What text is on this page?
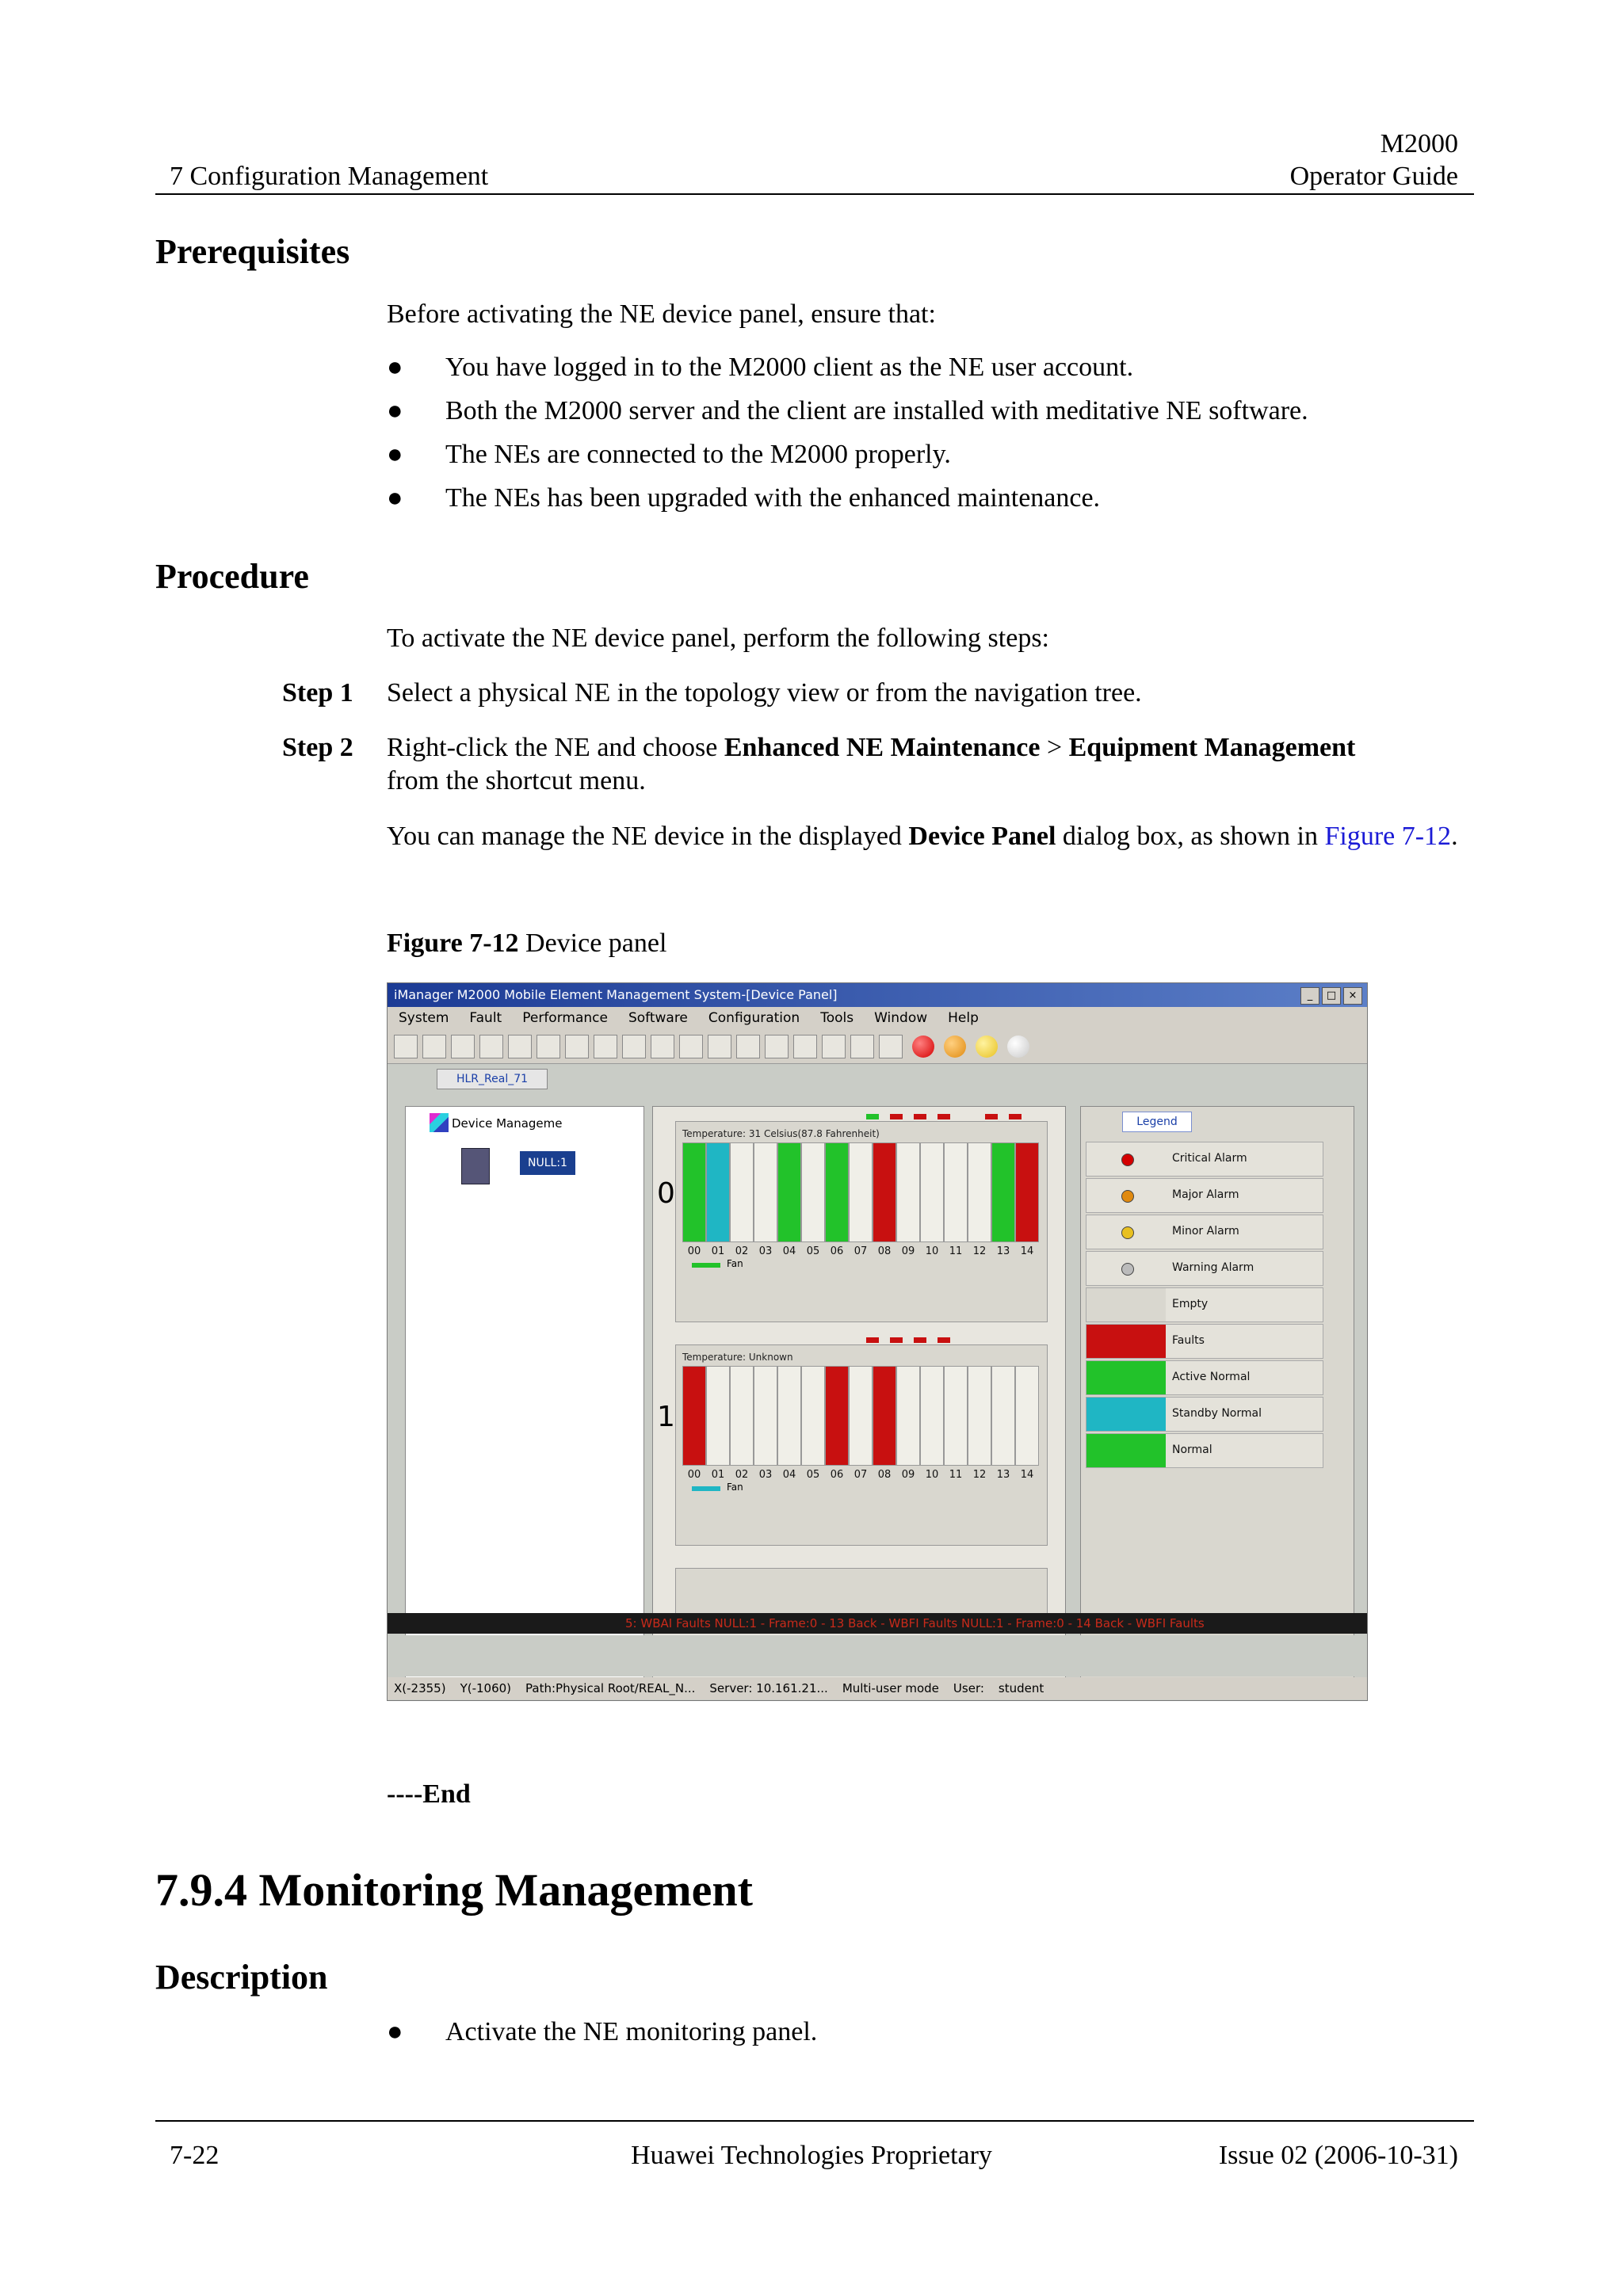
M2000
7 Configuration Management	Operator Guide
Prerequisites
Before activating the NE device panel, ensure that:
●	You have logged in to the M2000 client as the NE user account.
●	Both the M2000 server and the client are installed with meditative NE software.
●	The NEs are connected to the M2000 properly.
●	The NEs has been upgraded with the enhanced maintenance.
Procedure
To activate the NE device panel, perform the following steps:
Step 1 Select a physical NE in the topology view or from the navigation tree.
Step 2 Right-click the NE and choose Enhanced NE Maintenance > Equipment Management
from the shortcut menu.
You can manage the NE device in the displayed Device Panel dialog box, as shown in Figure 7-12.
Figure 7-12 Device panel
iManager M2000 Mobile Element Management System-[Device Panel]	_	□	×
System Fault Performance Software Configuration Tools Window Help
HLR_Real_71
Device Manageme
NULL:1
Temperature: 31 Celsius(87.8 Fahrenheit)
0
00	01	02	03	04	05	06	07	08	09	10	11	12	13	14
Fan
Temperature: Unknown
1
00	01	02	03	04	05	06	07	08	09	10	11	12	13	14
Fan
Legend
Critical Alarm
Major Alarm
Minor Alarm
Warning Alarm
Empty
Faults
Active Normal
Standby Normal
Normal
5: WBAI Faults NULL:1 - Frame:0 - 13 Back - WBFI Faults NULL:1 - Frame:0 - 14 Back - WBFI Faults
X(-2355) Y(-1060) Path:Physical Root/REAL_N... Server: 10.161.21... Multi-user mode User: student
----End
7.9.4 Monitoring Management
Description
●	Activate the NE monitoring panel.
7-22	Huawei Technologies Proprietary	Issue 02 (2006-10-31)
